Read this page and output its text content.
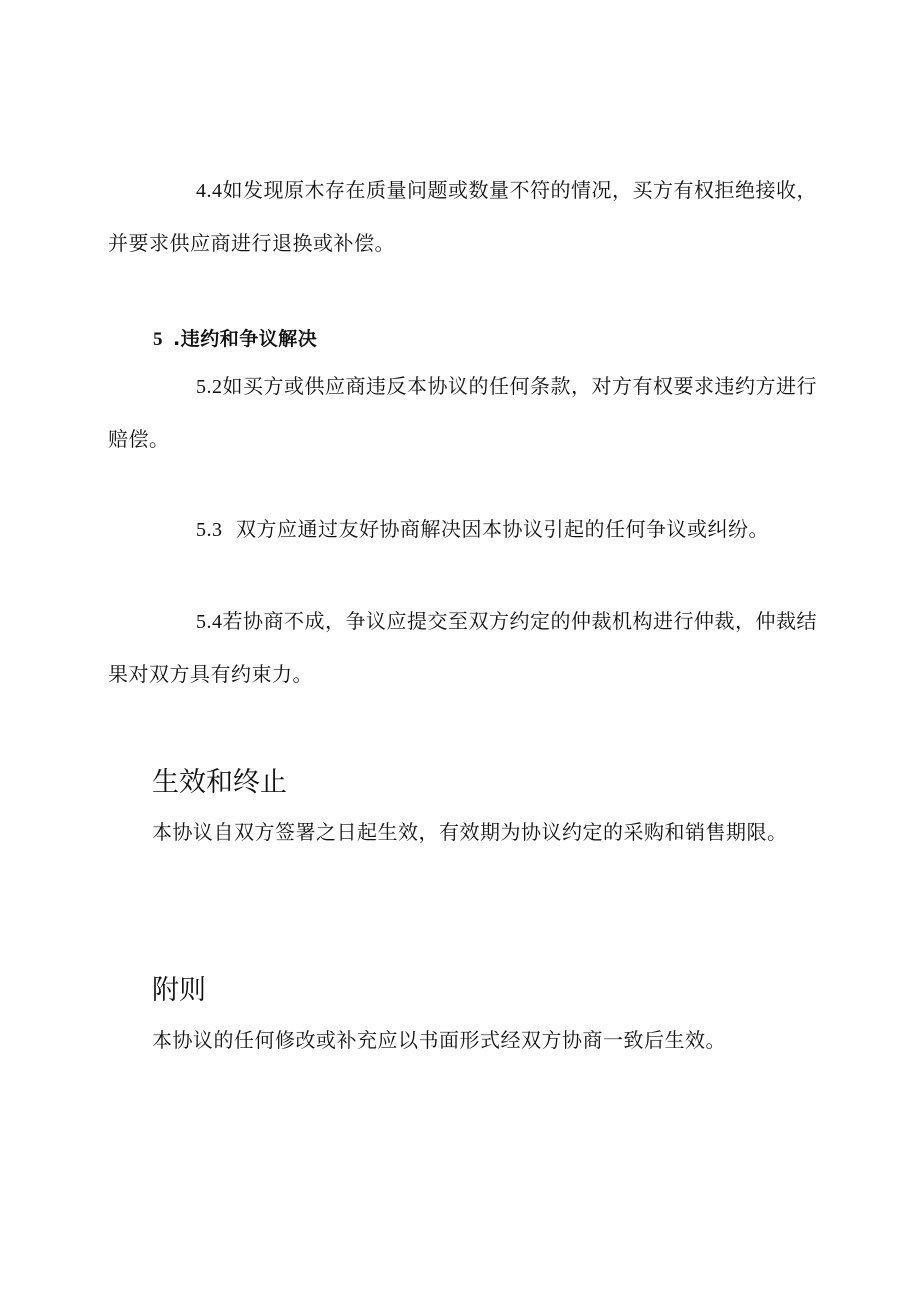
4.4如发现原木存在质量问题或数量不符的情况，买方有权拒绝接收，并要求供应商进行退换或补偿。

5 .违约和争议解决

5.2如买方或供应商违反本协议的任何条款，对方有权要求违约方进行赔偿。

5.3 双方应通过友好协商解决因本协议引起的任何争议或纠纷。

5.4若协商不成，争议应提交至双方约定的仲裁机构进行仲裁，仲裁结果对双方具有约束力。

生效和终止

本协议自双方签署之日起生效，有效期为协议约定的采购和销售期限。

附则

本协议的任何修改或补充应以书面形式经双方协商一致后生效。
